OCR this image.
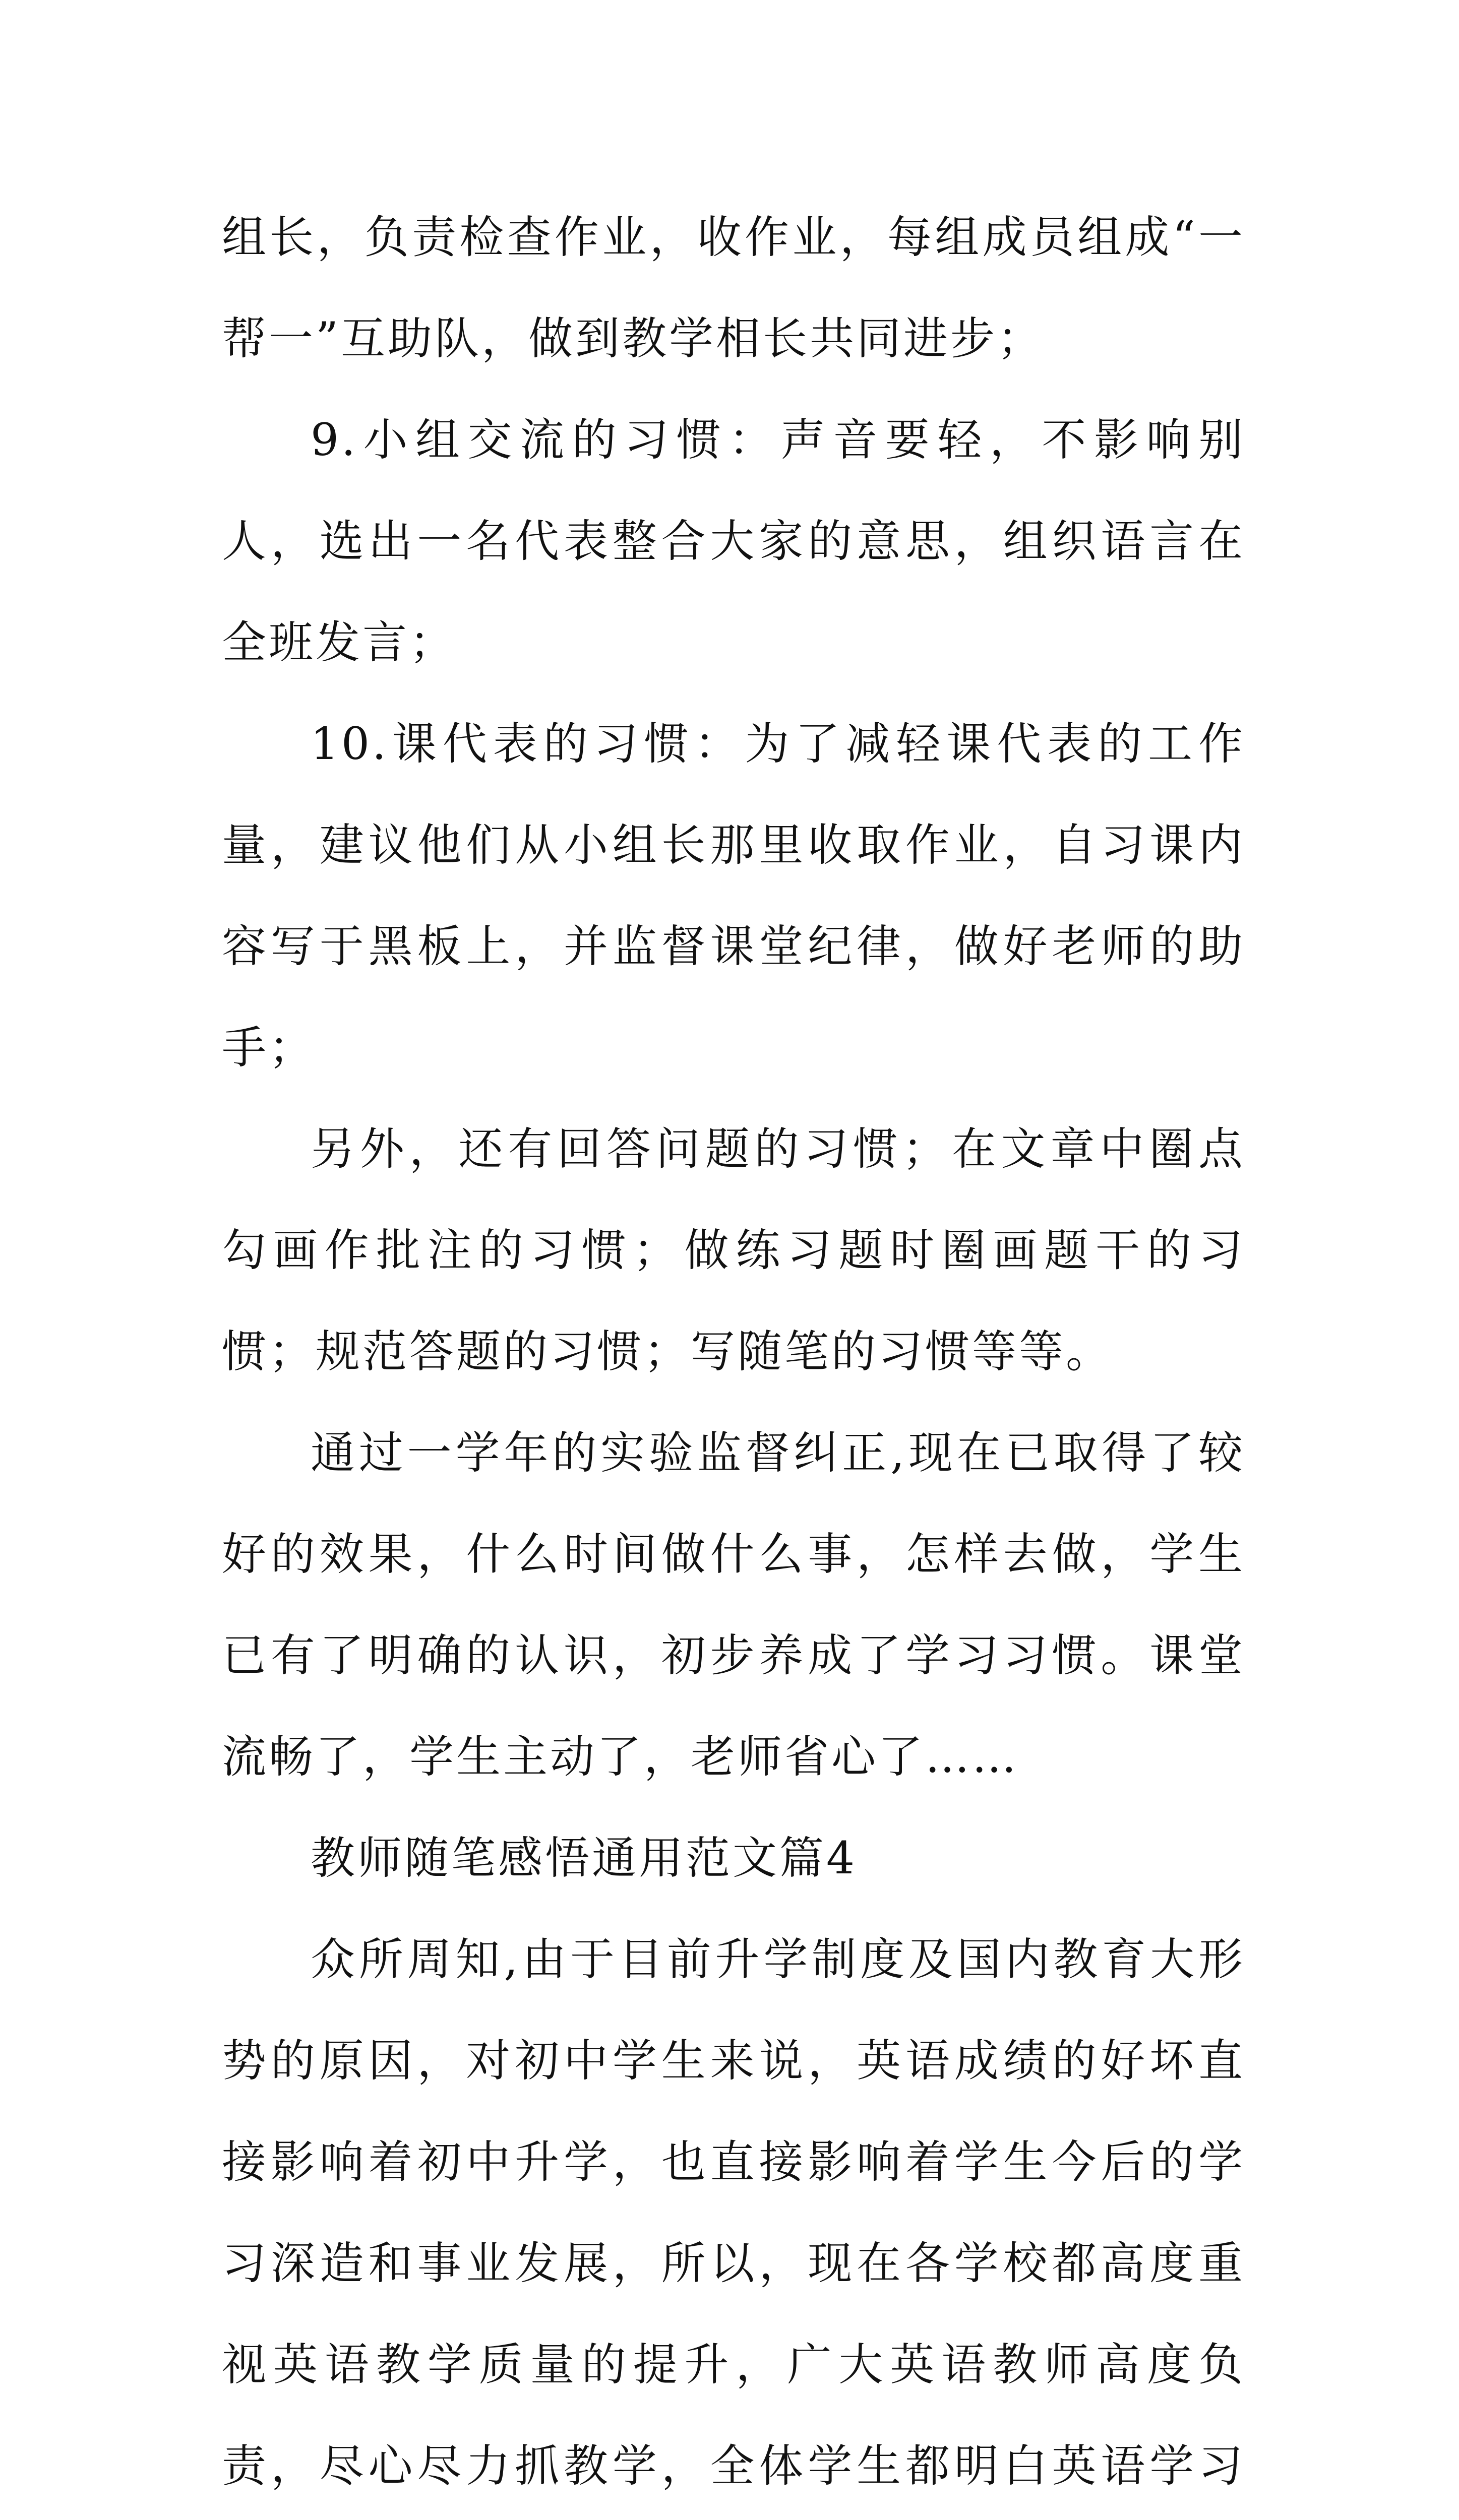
组长，负责检查作业，收作业，每组成员组成“一帮一”互助队，做到教学相长共同进步；

9.小组交流的习惯：声音要轻，不影响别人，选出一名代表整合大家的意思，组织语言在全班发言；

10.课代表的习惯：为了减轻课代表的工作量，建议他们从小组长那里收取作业，自习课内容写于黑板上，并监督课堂纪律，做好老师的助手；

另外，还有回答问题的习惯；在文章中圈点勾画作批注的习惯；做练习题时圈画题干的习惯；规范答题的习惯；写随笔的习惯等等。

通过一学年的实验监督纠正,现在已取得了较好的效果，什么时间做什么事，怎样去做，学生已有了明确的认识，初步养成了学习习惯。课堂流畅了，学生主动了，老师省心了……

教师随笔感悟通用范文篇4

众所周知,由于目前升学制度及国内教育大形势的原因，对初中学生来说，英语成绩的好坏直接影响着初中升学，也直接影响着学生今后的学习深造和事业发展，所以，现在各学校都高度重视英语教学质量的提升，广大英语教师高度负责，尽心尽力抓教学，全体学生都明白英语学习
